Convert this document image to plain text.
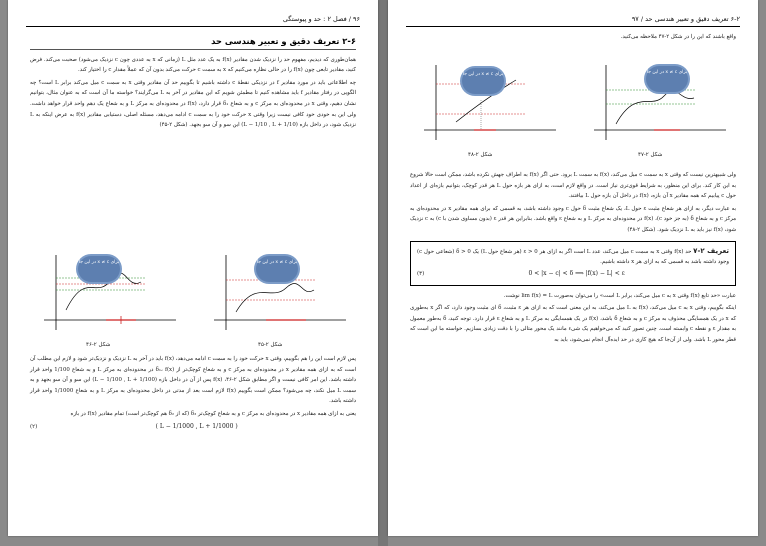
۹۶ / فصل ۲ : حد و پیوستگی
۲-۶ تعریف دقیق و تعبیر هندسی حد

همان‌طوری که دیدیم، مفهوم حد را نزدیک شدن مقادیر f(x) به یک عدد مثل L (زمانی که x به عددی چون c نزدیک می‌شود) صحبت می‌کند. فرض کنید، مقادیر تابعی چون f(x) را در حالی نظاره می‌کنیم که x به سمت c حرکت می‌کند بدون آن که عملاً مقدار c را اختیار کند.

چه اطلاعاتی باید در مورد مقادیر f در نزدیکی نقطهٔ c داشته باشیم تا بگوییم حد آن مقادیر وقتی x به سمت c میل می‌کند برابر L است؟ چه الگویی در رفتار مقادیر f باید مشاهده کنیم تا مطمئن شویم که این مقادیر در آخر به L می‌گرایند؟ خواسته ما آن است که به عنوان مثال، بتوانیم نشان دهیم، وقتی x در محدوده‌ای به مرکز c و به شعاع δ₁ قرار دارد، f(x) در محدوده‌ای به مرکز L و به شعاع یک دهم واحد قرار خواهد داشت. ولی این به خودی خود کافی نیست زیرا وقتی x حرکت خود را به سمت c ادامه می‌دهد، مسئله اصلی، دستیابی مقادیر f(x) به عرض اینکه به L نزدیک شود، در داخل بازه (L − 1/10 , L + 1/10) این سو و آن سو بجهد. (شکل ۲-۴۵)

برای x ≠ c در این جا
شکل ۲-۴۶
برای x ≠ c در این جا
شکل ۲-۴۵

پس لازم است این را هم بگوییم، وقتی x حرکت خود را به سمت c ادامه می‌دهد، f(x) باید در آخر به L نزدیک و نزدیک‌تر شود و لازم این مطلب آن است که به ازای همه مقادیر x در محدوده‌ای به مرکز c و به شعاع کوچک‌تر از δ₁، f(x) در محدوده‌ای به مرکز L و به شعاع 1/100 واحد قرار داشته باشد. این امر کافی نیست و اگر مطابق شکل ۲-۴۶، f(x) پس از آن در داخل بازه (L − 1/100 , L + 1/100) این سو و آن سو بجهد و به سمت L میل نکند، چه می‌شود؟ ممکن است بگوییم f(x) لازم است بعد از مدتی در داخل محدوده‌ای به مرکز L و به شعاع 1/1000 واحد قرار داشته باشد.

یعنی به ازای همه مقادیر x در محدوده‌ای به مرکز c و به شعاع کوچک‌تر δ₃ (که از δ₂ هم کوچک‌تر است) تمام مقادیر f(x) در بازه

(۲)	( L − 1/1000 , L + 1/1000 )
۶-۲ تعریف دقیق و تعبیر هندسی حد / ۹۷

واقع باشند که این را در شکل ۲-۴۷ ملاحظه می‌کنید.

برای x ≠ c در این جا
شکل ۲-۴۸
برای x ≠ c در این جا
شکل ۲-۴۷

ولی شبیهترین نیست که وقتی x به سمت c میل می‌کند، f(x) به سمت L برود. حتی اگر f(x) به اطراف جهش نکرده باشد، ممکن است حالا شروع به این کار کند. برای این منظور، به شرایط قوی‌تری نیاز است. در واقع لازم است، به ازای هر بازه حول L هر قدر کوچک، بتوانیم بازه‌ای از اعداد حول c پیابیم که همه مقادیر x آن بازه، f(x) در داخل آن بازه حول L بیافتند.

به عبارت دیگر، به ازای هر شعاع مثبت ε حول L، یک شعاع مثبت δ حول c وجود داشته باشد، به قسمی که برای همه مقادیر x در محدوده‌ای به مرکز c و به شعاع δ (به جز خود c)، f(x) در محدوده‌ای به مرکز L و به شعاع ε واقع باشد. بنابراین هر قدر ε (بدون مساوی شدن با c) به c نزدیک شود، f(x) نیز باید به L نزدیک شود. (شکل ۲-۴۸)

تعریف ۲-۷ حد f(x) وقتی x به سمت c میل می‌کند، عدد L است اگر به ازای هر ε > 0 (هر شعاع حول L) یک δ > 0 (شعاعی حول c) وجود داشته باشد به قسمی که به ازای هر x داشته باشیم.
(۳)	0 < |x − c| < δ ⟹ |f(x) − L| < ε

عبارت «حد تابع f(x) وقتی x به c میل می‌کند، برابر L است» را می‌توان به‌صورت lim f(x) = L نوشت.

اینکه بگوییم، وقتی x به c میل می‌کند، f(x) به L میل می‌کند، به این معنی است که به ازای هر ε مثبت، δ ای مثبت وجود دارد، که اگر x به‌طوری که x در یک همسایگی محذوف به مرکز c و به شعاع δ باشد، f(x) در یک همسایگی به مرکز L و به شعاع ε قرار دارد. توجه کنید، δ به‌طور معمول به مقدار ε و نقطه c وابسته است. چنین تصور کنید که می‌خواهیم یک شیء مانند یک محور متالی را با دقت زیادی بسازیم. خواسته ما این است که قطر محور L باشد. ولی از آن‌جا که هیچ کاری در حد ایده‌آل انجام نمی‌شود، باید به
